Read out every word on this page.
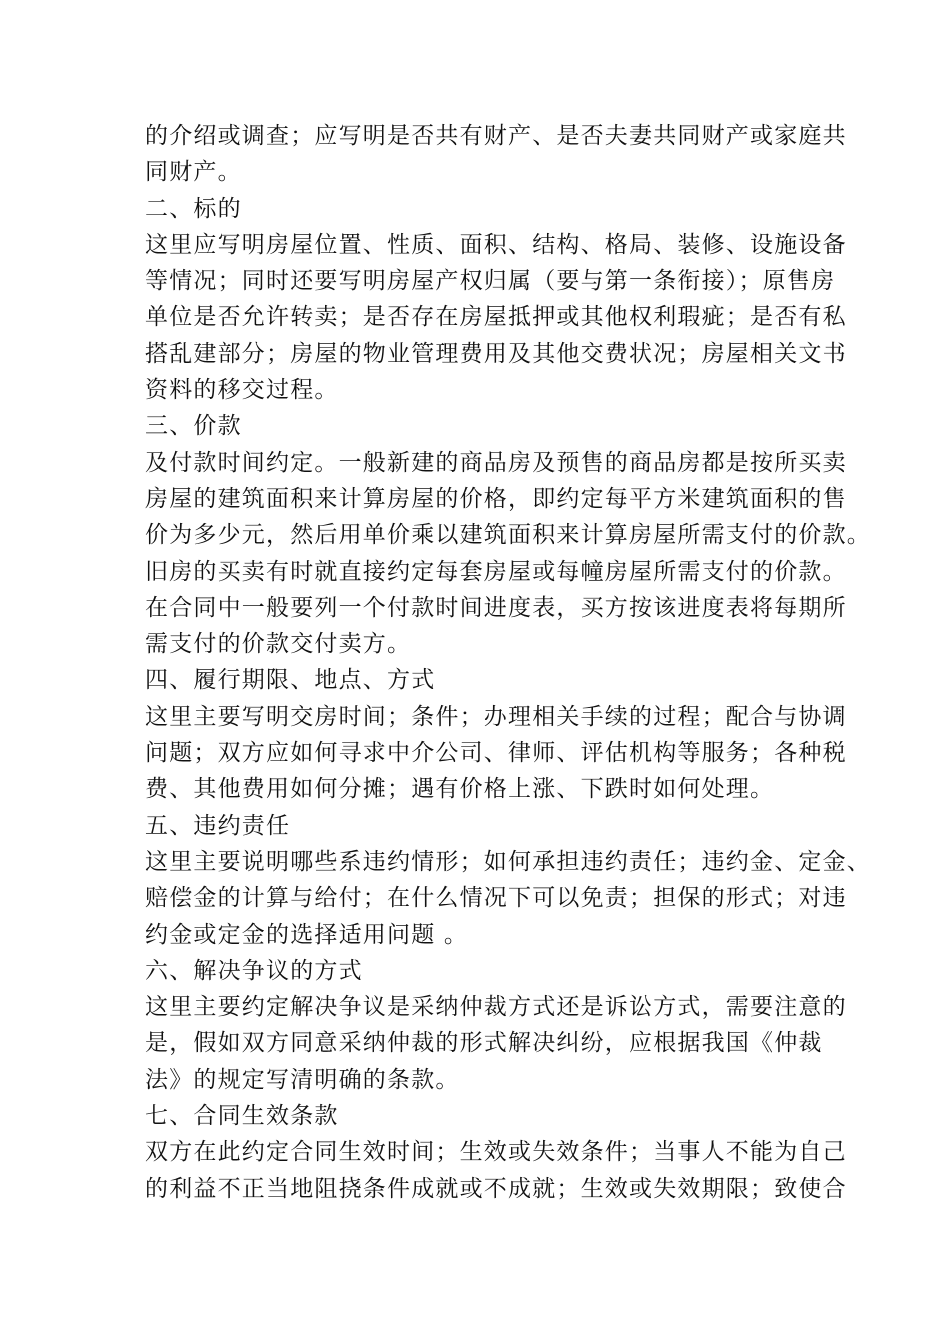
的介绍或调查；应写明是否共有财产、是否夫妻共同财产或家庭共
同财产。
二、标的
这里应写明房屋位置、性质、面积、结构、格局、装修、设施设备
等情况；同时还要写明房屋产权归属（要与第一条衔接）；原售房
单位是否允许转卖；是否存在房屋抵押或其他权利瑕疵；是否有私
搭乱建部分；房屋的物业管理费用及其他交费状况；房屋相关文书
资料的移交过程。
三、价款
及付款时间约定。一般新建的商品房及预售的商品房都是按所买卖
房屋的建筑面积来计算房屋的价格，即约定每平方米建筑面积的售
价为多少元，然后用单价乘以建筑面积来计算房屋所需支付的价款。
旧房的买卖有时就直接约定每套房屋或每幢房屋所需支付的价款。
在合同中一般要列一个付款时间进度表，买方按该进度表将每期所
需支付的价款交付卖方。
四、履行期限、地点、方式
这里主要写明交房时间；条件；办理相关手续的过程；配合与协调
问题；双方应如何寻求中介公司、律师、评估机构等服务；各种税
费、其他费用如何分摊；遇有价格上涨、下跌时如何处理。
五、违约责任
这里主要说明哪些系违约情形；如何承担违约责任；违约金、定金、
赔偿金的计算与给付；在什么情况下可以免责；担保的形式；对违
约金或定金的选择适用问题 。
六、解决争议的方式
这里主要约定解决争议是采纳仲裁方式还是诉讼方式，需要注意的
是，假如双方同意采纳仲裁的形式解决纠纷，应根据我国《仲裁
法》的规定写清明确的条款。
七、合同生效条款
双方在此约定合同生效时间；生效或失效条件；当事人不能为自己
的利益不正当地阻挠条件成就或不成就；生效或失效期限；致使合
